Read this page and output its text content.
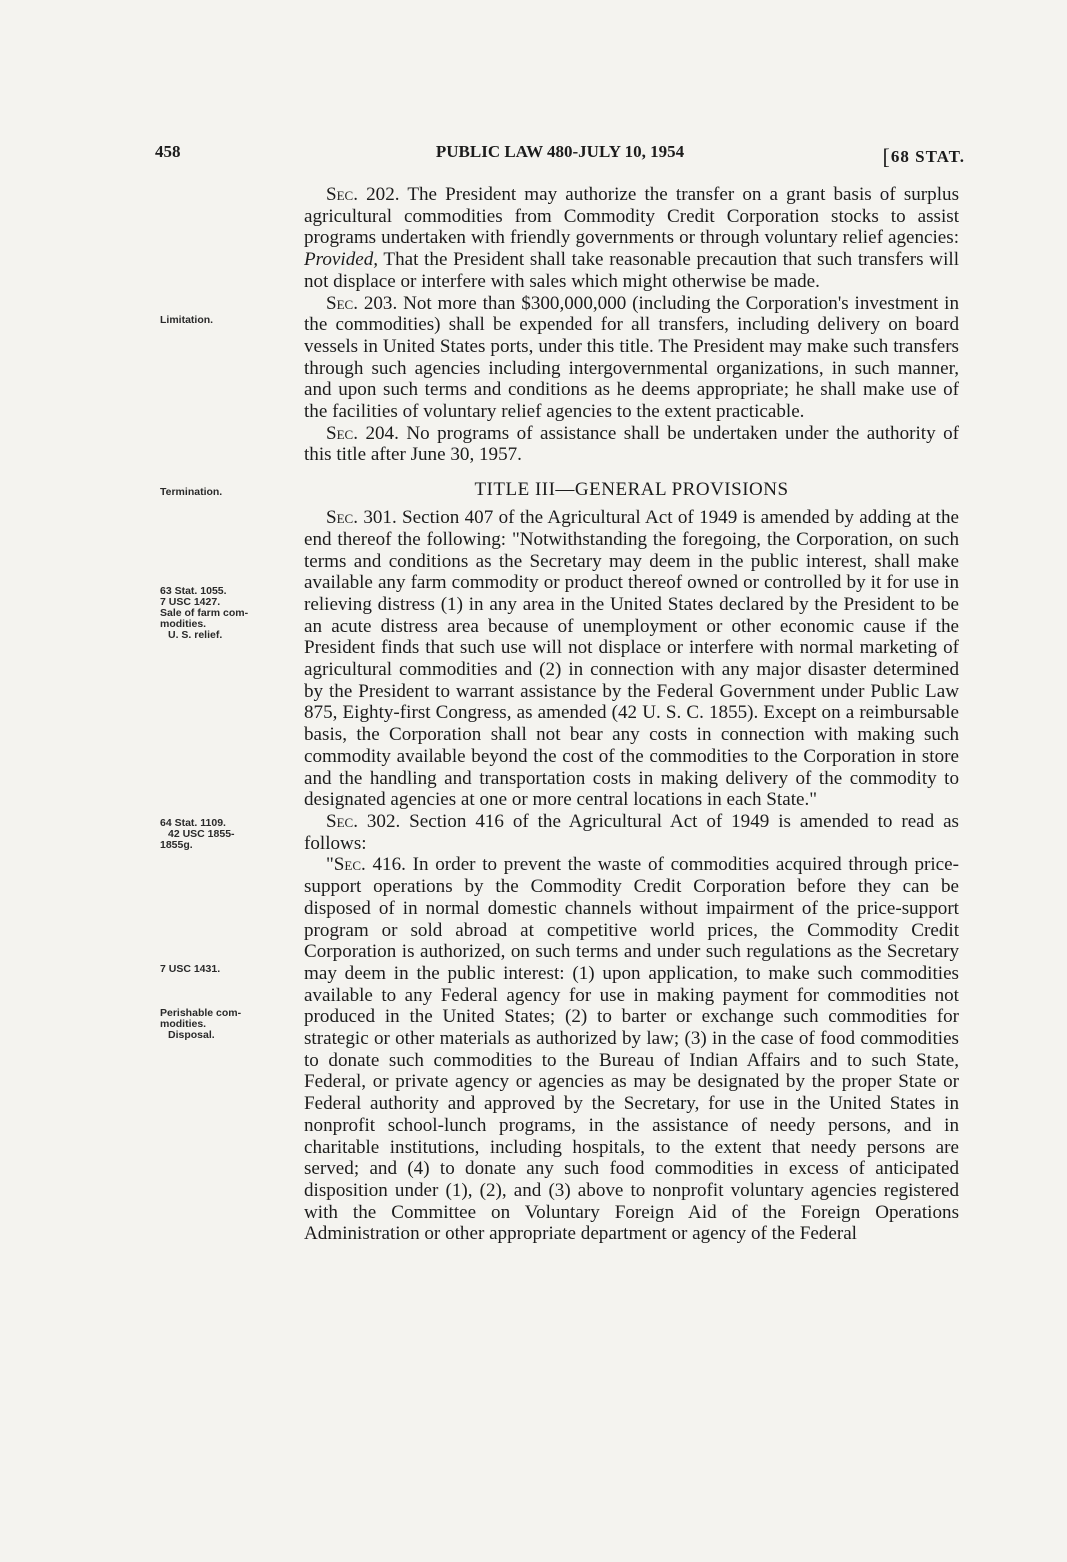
458	PUBLIC LAW 480-JULY 10, 1954	[68 STAT.
Limitation.
Termination.
63 Stat. 1055.
7 USC 1427.
Sale of farm com-
modities.
U. S. relief.
64 Stat. 1109.
42 USC 1855-
1855g.
7 USC 1431.
Perishable com-
modities.
Disposal.

Sec. 202. The President may authorize the transfer on a grant basis of surplus agricultural commodities from Commodity Credit Corporation stocks to assist programs undertaken with friendly governments or through voluntary relief agencies: Provided, That the President shall take reasonable precaution that such transfers will not displace or interfere with sales which might otherwise be made.

Sec. 203. Not more than $300,000,000 (including the Corporation's investment in the commodities) shall be expended for all transfers, including delivery on board vessels in United States ports, under this title. The President may make such transfers through such agencies including intergovernmental organizations, in such manner, and upon such terms and conditions as he deems appropriate; he shall make use of the facilities of voluntary relief agencies to the extent practicable.

Sec. 204. No programs of assistance shall be undertaken under the authority of this title after June 30, 1957.

TITLE III—GENERAL PROVISIONS

Sec. 301. Section 407 of the Agricultural Act of 1949 is amended by adding at the end thereof the following: "Notwithstanding the foregoing, the Corporation, on such terms and conditions as the Secretary may deem in the public interest, shall make available any farm commodity or product thereof owned or controlled by it for use in relieving distress (1) in any area in the United States declared by the President to be an acute distress area because of unemployment or other economic cause if the President finds that such use will not displace or interfere with normal marketing of agricultural commodities and (2) in connection with any major disaster determined by the President to warrant assistance by the Federal Government under Public Law 875, Eighty-first Congress, as amended (42 U. S. C. 1855). Except on a reimbursable basis, the Corporation shall not bear any costs in connection with making such commodity available beyond the cost of the commodities to the Corporation in store and the handling and transportation costs in making delivery of the commodity to designated agencies at one or more central locations in each State."

Sec. 302. Section 416 of the Agricultural Act of 1949 is amended to read as follows:

"Sec. 416. In order to prevent the waste of commodities acquired through price-support operations by the Commodity Credit Corporation before they can be disposed of in normal domestic channels without impairment of the price-support program or sold abroad at competitive world prices, the Commodity Credit Corporation is authorized, on such terms and under such regulations as the Secretary may deem in the public interest: (1) upon application, to make such commodities available to any Federal agency for use in making payment for commodities not produced in the United States; (2) to barter or exchange such commodities for strategic or other materials as authorized by law; (3) in the case of food commodities to donate such commodities to the Bureau of Indian Affairs and to such State, Federal, or private agency or agencies as may be designated by the proper State or Federal authority and approved by the Secretary, for use in the United States in nonprofit school-lunch programs, in the assistance of needy persons, and in charitable institutions, including hospitals, to the extent that needy persons are served; and (4) to donate any such food commodities in excess of anticipated disposition under (1), (2), and (3) above to nonprofit voluntary agencies registered with the Committee on Voluntary Foreign Aid of the Foreign Operations Administration or other appropriate department or agency of the Federal
